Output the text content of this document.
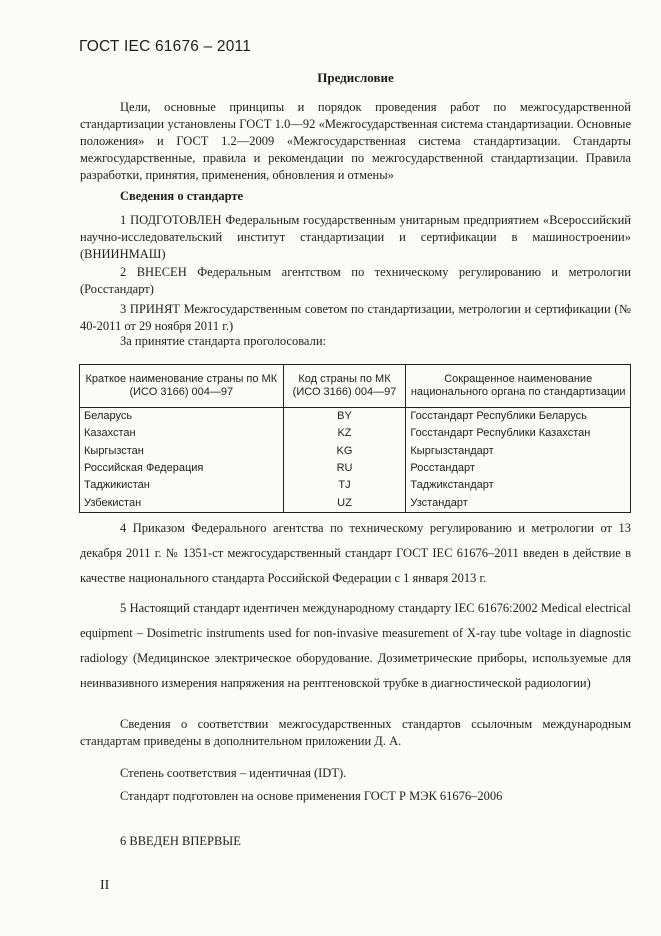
ГОСТ IEC 61676 – 2011
Предисловие

Цели, основные принципы и порядок проведения работ по межгосударственной стандартизации установлены ГОСТ 1.0—92 «Межгосударственная система стандартизации. Основные положения» и ГОСТ 1.2—2009 «Межгосударственная система стандартизации. Стандарты межгосударственные, правила и рекомендации по межгосударственной стандартизации. Правила разработки, принятия, применения, обновления и отмены»

Сведения о стандарте

1 ПОДГОТОВЛЕН Федеральным государственным унитарным предприятием «Всероссийский научно-исследовательский институт стандартизации и сертификации в машиностроении» (ВНИИНМАШ)

2 ВНЕСЕН Федеральным агентством по техническому регулированию и метрологии (Росстандарт)

3 ПРИНЯТ Межгосударственным советом по стандартизации, метрологии и сертификации (№ 40-2011 от 29 ноября 2011 г.)

За принятие стандарта проголосовали:
Краткое наименование страны по МК (ИСО 3166) 004—97	Код страны по МК (ИСО 3166) 004—97	Сокращенное наименование национального органа по стандартизации
Беларусь	BY	Госстандарт Республики Беларусь
Казахстан	KZ	Госстандарт Республики Казахстан
Кыргызстан	KG	Кыргызстандарт
Российская Федерация	RU	Росстандарт
Таджикистан	TJ	Таджикстандарт
Узбекистан	UZ	Узстандарт

4 Приказом Федерального агентства по техническому регулированию и метрологии от 13 декабря 2011 г. № 1351-ст межгосударственный стандарт ГОСТ IEC 61676–2011 введен в действие в качестве национального стандарта Российской Федерации с 1 января 2013 г.

5 Настоящий стандарт идентичен международному стандарту IEC 61676:2002 Medical electrical equipment – Dosimetric instruments used for non-invasive measurement of X-ray tube voltage in diagnostic radiology (Медицинское электрическое оборудование. Дозиметрические приборы, используемые для неинвазивного измерения напряжения на рентгеновской трубке в диагностической радиологии)

Сведения о соответствии межгосударственных стандартов ссылочным международным стандартам приведены в дополнительном приложении Д. А.

Степень соответствия – идентичная (IDT).
Стандарт подготовлен на основе применения ГОСТ Р МЭК 61676–2006
6 ВВЕДЕН ВПЕРВЫЕ
II
